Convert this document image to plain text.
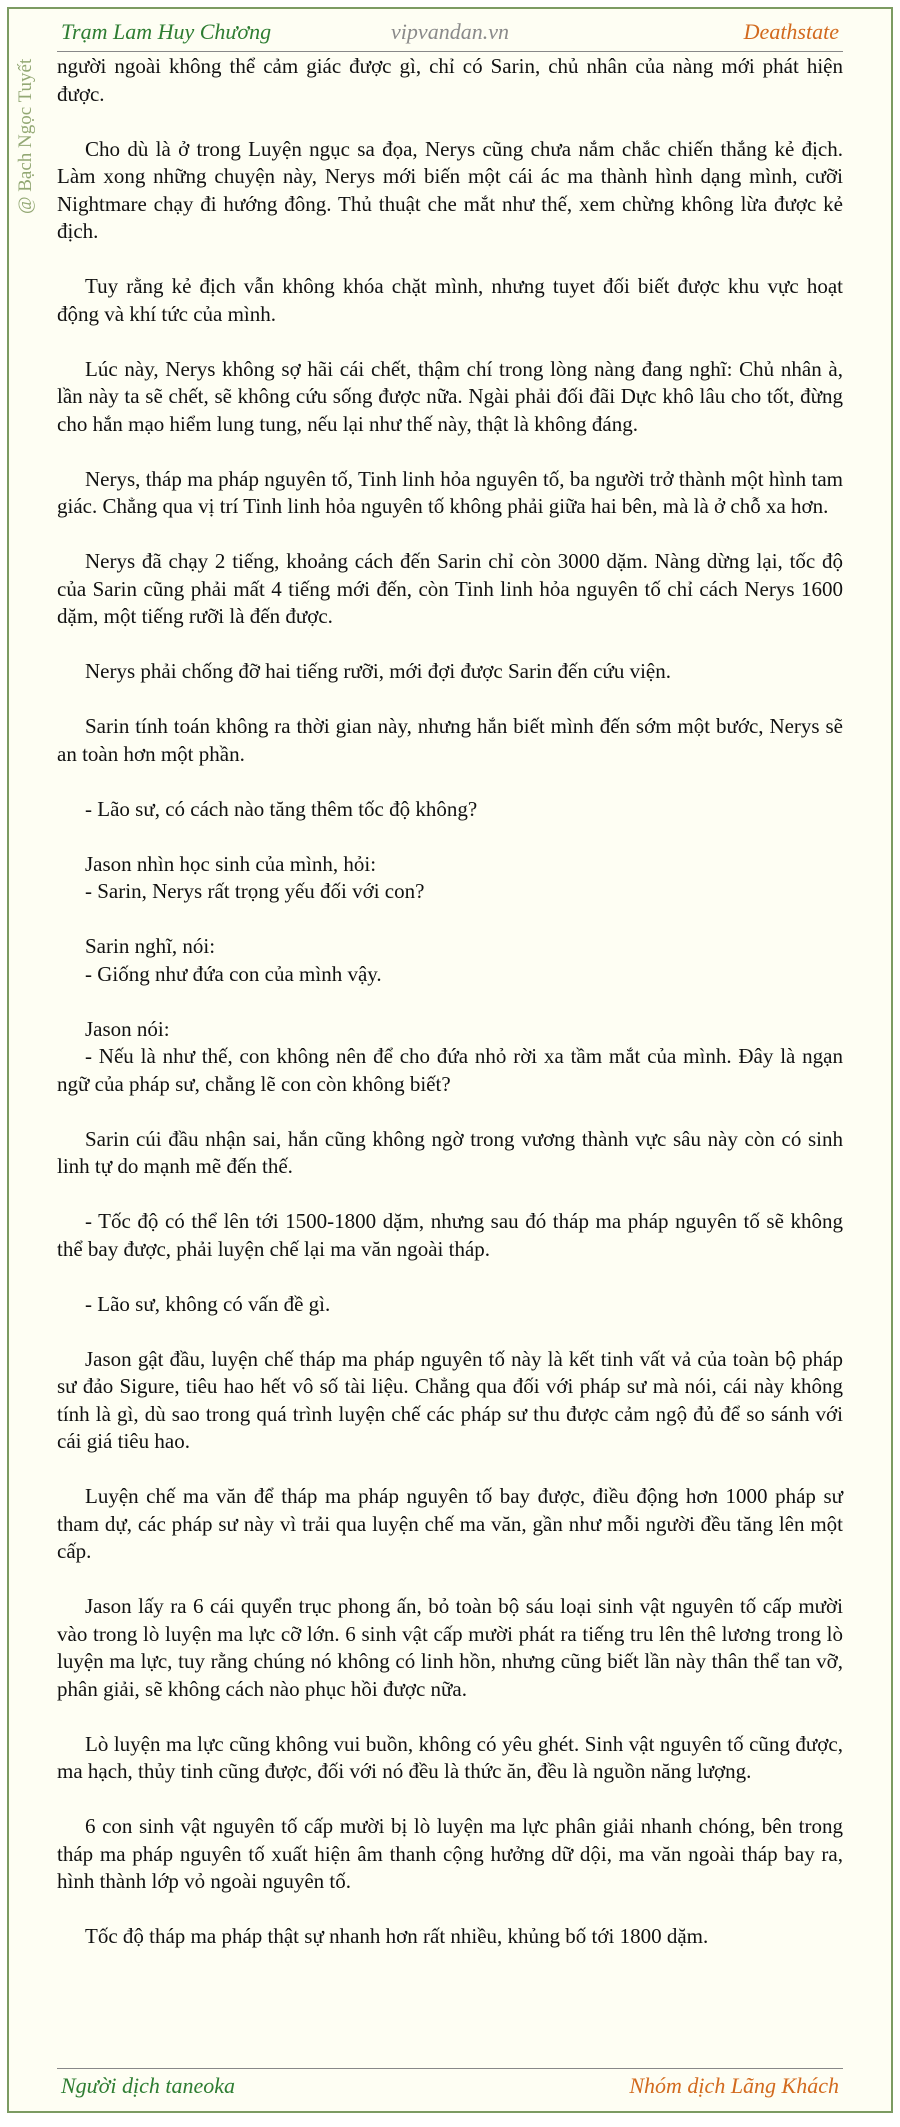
Trạm Lam Huy Chương	vipvandan.vn	Deathstate
@ Bạch Ngọc Tuyết người ngoài không thể cảm giác được gì, chỉ có Sarin, chủ nhân của nàng mới phát hiện được.

Cho dù là ở trong Luyện ngục sa đọa, Nerys cũng chưa nắm chắc chiến thắng kẻ địch. Làm xong những chuyện này, Nerys mới biến một cái ác ma thành hình dạng mình, cưỡi Nightmare chạy đi hướng đông. Thủ thuật che mắt như thế, xem chừng không lừa được kẻ địch.

Tuy rằng kẻ địch vẫn không khóa chặt mình, nhưng tuyet đối biết được khu vực hoạt động và khí tức của mình.

Lúc này, Nerys không sợ hãi cái chết, thậm chí trong lòng nàng đang nghĩ: Chủ nhân à, lần này ta sẽ chết, sẽ không cứu sống được nữa. Ngài phải đối đãi Dực khô lâu cho tốt, đừng cho hắn mạo hiểm lung tung, nếu lại như thế này, thật là không đáng.

Nerys, tháp ma pháp nguyên tố, Tinh linh hỏa nguyên tố, ba người trở thành một hình tam giác. Chẳng qua vị trí Tinh linh hỏa nguyên tố không phải giữa hai bên, mà là ở chỗ xa hơn.

Nerys đã chạy 2 tiếng, khoảng cách đến Sarin chỉ còn 3000 dặm. Nàng dừng lại, tốc độ của Sarin cũng phải mất 4 tiếng mới đến, còn Tinh linh hỏa nguyên tố chỉ cách Nerys 1600 dặm, một tiếng rưỡi là đến được.

Nerys phải chống đỡ hai tiếng rưỡi, mới đợi được Sarin đến cứu viện.

Sarin tính toán không ra thời gian này, nhưng hắn biết mình đến sớm một bước, Nerys sẽ an toàn hơn một phần.

- Lão sư, có cách nào tăng thêm tốc độ không?

Jason nhìn học sinh của mình, hỏi:

- Sarin, Nerys rất trọng yếu đối với con?

Sarin nghĩ, nói:

- Giống như đứa con của mình vậy.

Jason nói:

- Nếu là như thế, con không nên để cho đứa nhỏ rời xa tầm mắt của mình. Đây là ngạn ngữ của pháp sư, chẳng lẽ con còn không biết?

Sarin cúi đầu nhận sai, hắn cũng không ngờ trong vương thành vực sâu này còn có sinh linh tự do mạnh mẽ đến thế.

- Tốc độ có thể lên tới 1500-1800 dặm, nhưng sau đó tháp ma pháp nguyên tố sẽ không thể bay được, phải luyện chế lại ma văn ngoài tháp.

- Lão sư, không có vấn đề gì.

Jason gật đầu, luyện chế tháp ma pháp nguyên tố này là kết tinh vất vả của toàn bộ pháp sư đảo Sigure, tiêu hao hết vô số tài liệu. Chẳng qua đối với pháp sư mà nói, cái này không tính là gì, dù sao trong quá trình luyện chế các pháp sư thu được cảm ngộ đủ để so sánh với cái giá tiêu hao.

Luyện chế ma văn để tháp ma pháp nguyên tố bay được, điều động hơn 1000 pháp sư tham dự, các pháp sư này vì trải qua luyện chế ma văn, gần như mỗi người đều tăng lên một cấp.

Jason lấy ra 6 cái quyển trục phong ấn, bỏ toàn bộ sáu loại sinh vật nguyên tố cấp mười vào trong lò luyện ma lực cỡ lớn. 6 sinh vật cấp mười phát ra tiếng tru lên thê lương trong lò luyện ma lực, tuy rằng chúng nó không có linh hồn, nhưng cũng biết lần này thân thể tan vỡ, phân giải, sẽ không cách nào phục hồi được nữa.

Lò luyện ma lực cũng không vui buồn, không có yêu ghét. Sinh vật nguyên tố cũng được, ma hạch, thủy tinh cũng được, đối với nó đều là thức ăn, đều là nguồn năng lượng.

6 con sinh vật nguyên tố cấp mười bị lò luyện ma lực phân giải nhanh chóng, bên trong tháp ma pháp nguyên tố xuất hiện âm thanh cộng hưởng dữ dội, ma văn ngoài tháp bay ra, hình thành lớp vỏ ngoài nguyên tố.

Tốc độ tháp ma pháp thật sự nhanh hơn rất nhiều, khủng bố tới 1800 dặm.

Người dịch taneoka	Nhóm dịch Lãng Khách
